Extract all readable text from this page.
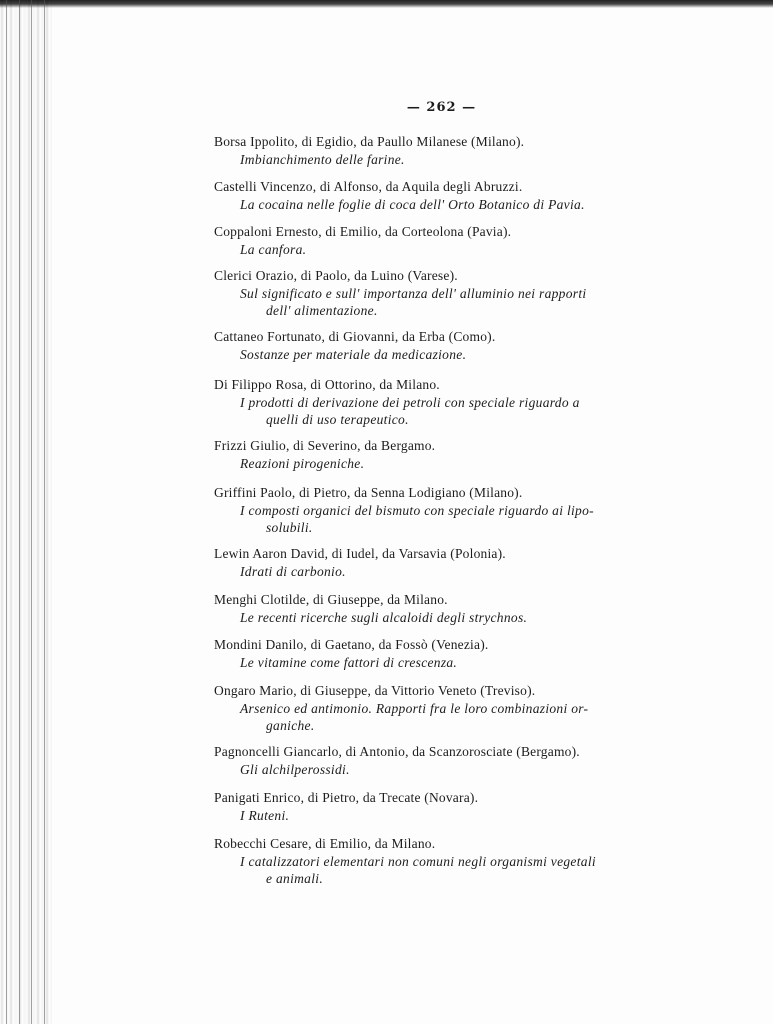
— 262 —
Borsa Ippolito, di Egidio, da Paullo Milanese (Milano).
Imbianchimento delle farine.
Castelli Vincenzo, di Alfonso, da Aquila degli Abruzzi.
La cocaina nelle foglie di coca dell' Orto Botanico di Pavia.
Coppaloni Ernesto, di Emilio, da Corteolona (Pavia).
La canfora.
Clerici Orazio, di Paolo, da Luino (Varese).
Sul significato e sull' importanza dell' alluminio nei rapporti
dell' alimentazione.
Cattaneo Fortunato, di Giovanni, da Erba (Como).
Sostanze per materiale da medicazione.
Di Filippo Rosa, di Ottorino, da Milano.
I prodotti di derivazione dei petroli con speciale riguardo a
quelli di uso terapeutico.
Frizzi Giulio, di Severino, da Bergamo.
Reazioni pirogeniche.
Griffini Paolo, di Pietro, da Senna Lodigiano (Milano).
I composti organici del bismuto con speciale riguardo ai lipo-
solubili.
Lewin Aaron David, di Iudel, da Varsavia (Polonia).
Idrati di carbonio.
Menghi Clotilde, di Giuseppe, da Milano.
Le recenti ricerche sugli alcaloidi degli strychnos.
Mondini Danilo, di Gaetano, da Fossò (Venezia).
Le vitamine come fattori di crescenza.
Ongaro Mario, di Giuseppe, da Vittorio Veneto (Treviso).
Arsenico ed antimonio. Rapporti fra le loro combinazioni or-
ganiche.
Pagnoncelli Giancarlo, di Antonio, da Scanzorosciate (Bergamo).
Gli alchilperossidi.
Panigati Enrico, di Pietro, da Trecate (Novara).
I Ruteni.
Robecchi Cesare, di Emilio, da Milano.
I catalizzatori elementari non comuni negli organismi vegetali
e animali.
